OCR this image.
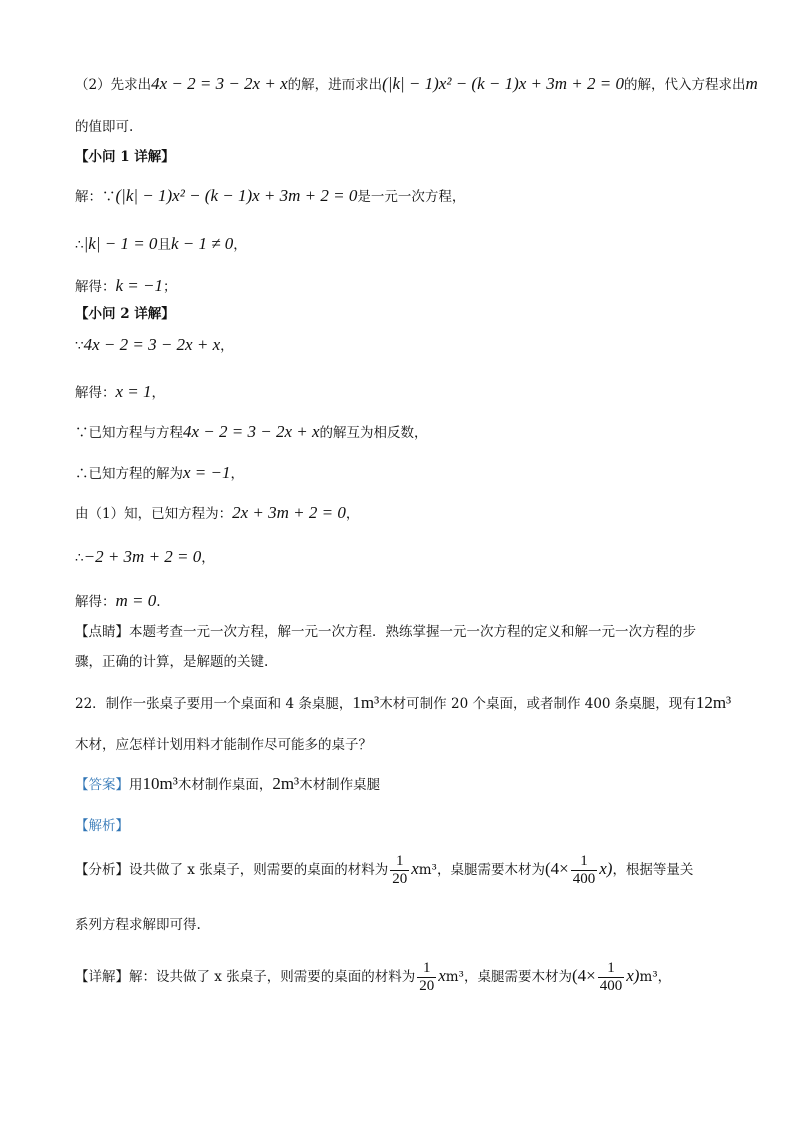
（2）先求出4x − 2 = 3 − 2x + x的解，进而求出(|k| − 1)x² − (k − 1)x + 3m + 2 = 0的解，代入方程求出m
的值即可.
【小问 1 详解】
解：∵(|k| − 1)x² − (k − 1)x + 3m + 2 = 0是一元一次方程，
∴|k| − 1 = 0且k − 1 ≠ 0，
解得：k = −1；
【小问 2 详解】
∵4x − 2 = 3 − 2x + x，
解得：x = 1，
∵已知方程与方程4x − 2 = 3 − 2x + x的解互为相反数，
∴已知方程的解为x = −1，
由（1）知，已知方程为：2x + 3m + 2 = 0，
∴−2 + 3m + 2 = 0，
解得：m = 0.
【点睛】本题考查一元一次方程，解一元一次方程．熟练掌握一元一次方程的定义和解一元一次方程的步
骤，正确的计算，是解题的关键.
22．制作一张桌子要用一个桌面和 4 条桌腿，1m³木材可制作 20 个桌面，或者制作 400 条桌腿，现有12m³
木材，应怎样计划用料才能制作尽可能多的桌子？
【答案】用10m³木材制作桌面，2m³木材制作桌腿
【解析】
【分析】设共做了 x 张桌子，则需要的桌面的材料为 $\frac{1}{20} xm^3$，桌腿需要木材为$(4\times \frac{1}{400} x)$，根据等量关
系列方程求解即可得.
【详解】解：设共做了 x 张桌子，则需要的桌面的材料为 $\frac{1}{20} xm^3$，桌腿需要木材为$(4\times \frac{1}{400} x)m^3$，
